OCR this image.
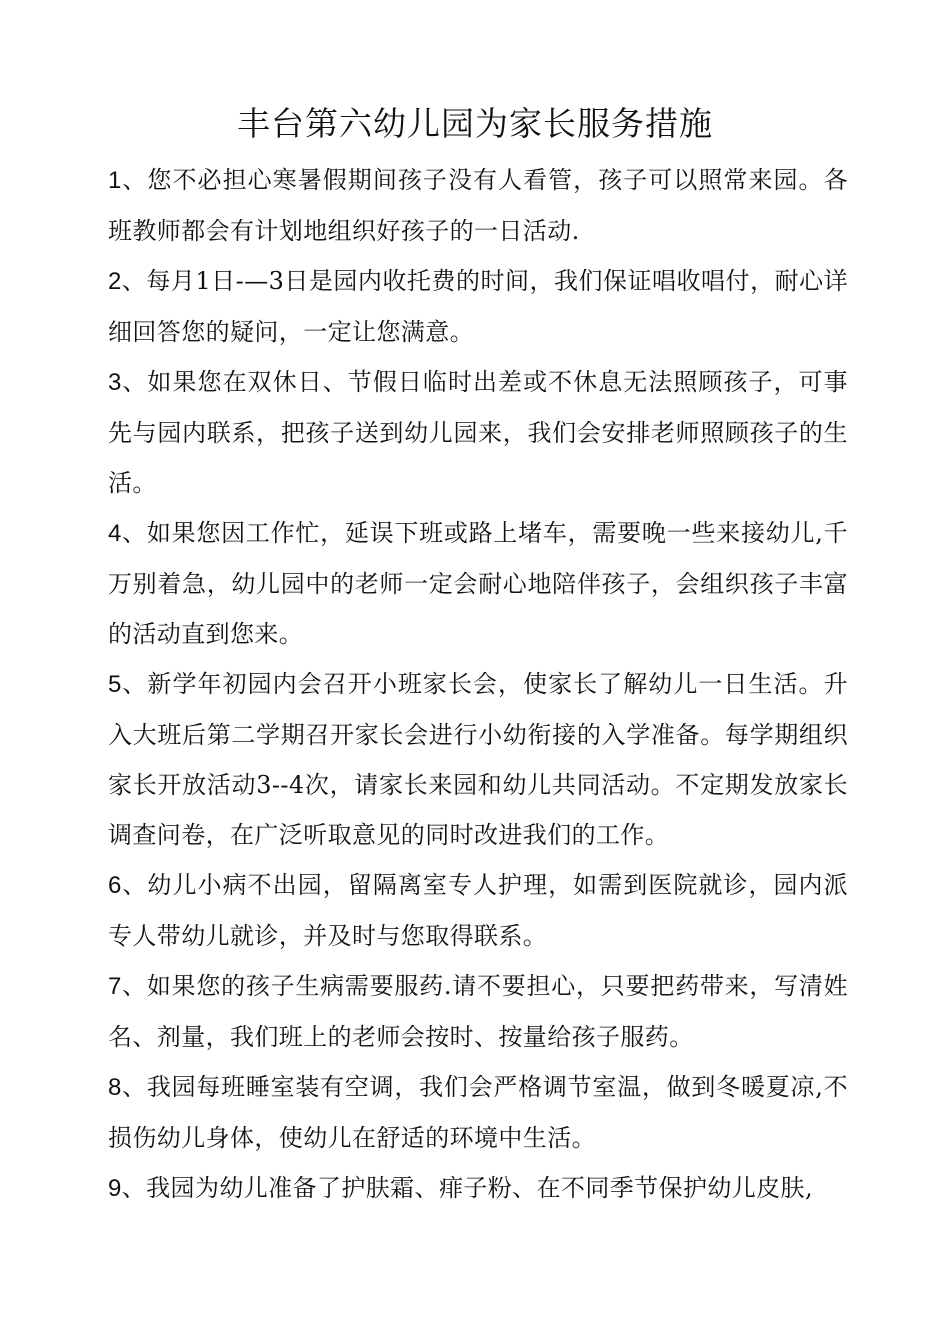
丰台第六幼儿园为家长服务措施

1、您不必担心寒暑假期间孩子没有人看管，孩子可以照常来园。各班教师都会有计划地组织好孩子的一日活动.

2、每月1日-—3日是园内收托费的时间，我们保证唱收唱付，耐心详细回答您的疑问，一定让您满意。

3、如果您在双休日、节假日临时出差或不休息无法照顾孩子，可事先与园内联系，把孩子送到幼儿园来，我们会安排老师照顾孩子的生活。

4、如果您因工作忙，延误下班或路上堵车，需要晚一些来接幼儿,千万别着急，幼儿园中的老师一定会耐心地陪伴孩子，会组织孩子丰富的活动直到您来。

5、新学年初园内会召开小班家长会，使家长了解幼儿一日生活。升入大班后第二学期召开家长会进行小幼衔接的入学准备。每学期组织家长开放活动3--4次，请家长来园和幼儿共同活动。不定期发放家长调查问卷，在广泛听取意见的同时改进我们的工作。

6、幼儿小病不出园，留隔离室专人护理，如需到医院就诊，园内派专人带幼儿就诊，并及时与您取得联系。

7、如果您的孩子生病需要服药.请不要担心，只要把药带来，写清姓名、剂量，我们班上的老师会按时、按量给孩子服药。

8、我园每班睡室装有空调，我们会严格调节室温，做到冬暖夏凉,不损伤幼儿身体，使幼儿在舒适的环境中生活。

9、我园为幼儿准备了护肤霜、痱子粉、在不同季节保护幼儿皮肤,
